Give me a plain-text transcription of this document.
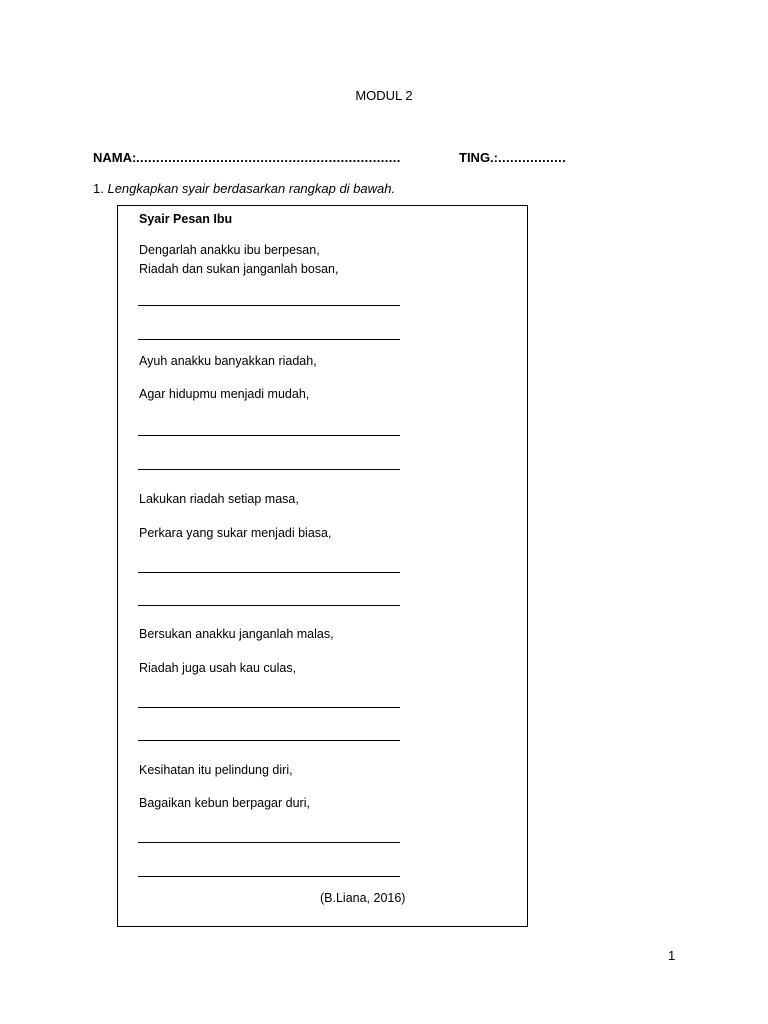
MODUL 2
NAMA: ..................................................................	TING.: .................
1. Lengkapkan syair berdasarkan rangkap di bawah.
Syair Pesan Ibu
Dengarlah anakku ibu berpesan,
Riadah dan sukan janganlah bosan,
Ayuh anakku banyakkan riadah,
Agar hidupmu menjadi mudah,
Lakukan riadah setiap masa,
Perkara yang sukar menjadi biasa,
Bersukan anakku janganlah malas,
Riadah juga usah kau culas,
Kesihatan itu pelindung diri,
Bagaikan kebun berpagar duri,
(B.Liana, 2016)
1
